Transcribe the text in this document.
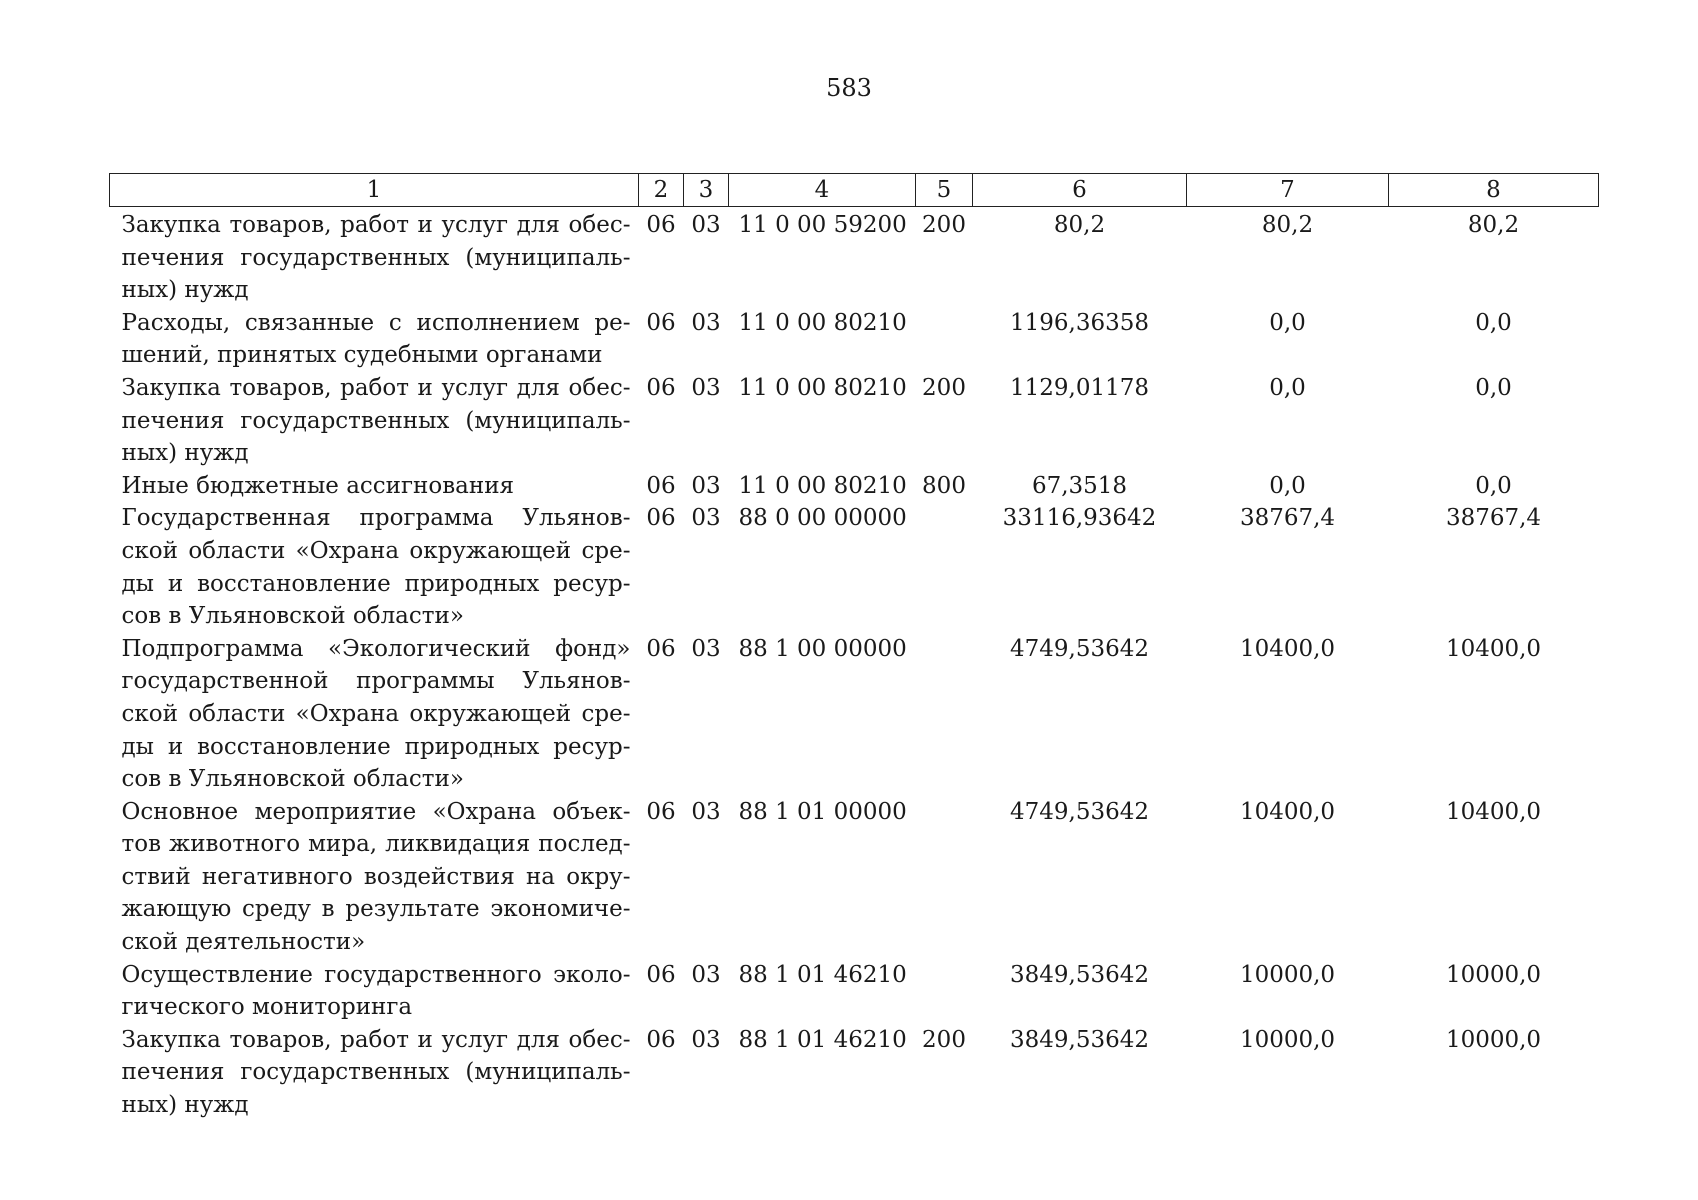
583
1	2	3	4	5	6	7	8
Закупка товаров, работ и услуг для обеспечения государственных (муниципальных) нужд	06	03	11 0 00 59200	200	80,2	80,2	80,2
Расходы, связанные с исполнением решений, принятых судебными органами	06	03	11 0 00 80210		1196,36358	0,0	0,0
Закупка товаров, работ и услуг для обеспечения государственных (муниципальных) нужд	06	03	11 0 00 80210	200	1129,01178	0,0	0,0
Иные бюджетные ассигнования	06	03	11 0 00 80210	800	67,3518	0,0	0,0
Государственная программа Ульяновской области «Охрана окружающей среды и восстановление природных ресурсов в Ульяновской области»	06	03	88 0 00 00000		33116,93642	38767,4	38767,4
Подпрограмма «Экологический фонд» государственной программы Ульяновской области «Охрана окружающей среды и восстановление природных ресурсов в Ульяновской области»	06	03	88 1 00 00000		4749,53642	10400,0	10400,0
Основное мероприятие «Охрана объектов животного мира, ликвидация последствий негативного воздействия на окружающую среду в результате экономической деятельности»	06	03	88 1 01 00000		4749,53642	10400,0	10400,0
Осуществление государственного экологического мониторинга	06	03	88 1 01 46210		3849,53642	10000,0	10000,0
Закупка товаров, работ и услуг для обеспечения государственных (муниципальных) нужд	06	03	88 1 01 46210	200	3849,53642	10000,0	10000,0
